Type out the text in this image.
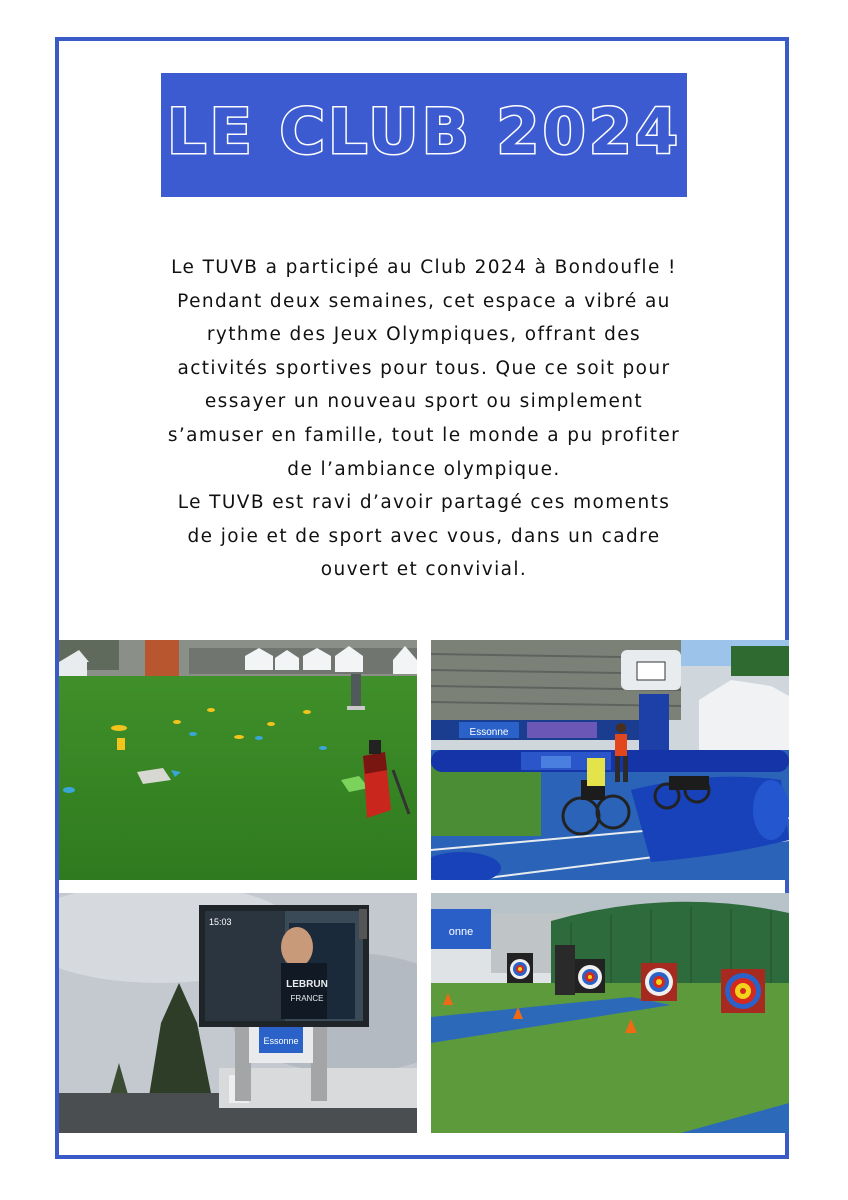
LE CLUB 2024

Le TUVB a participé au Club 2024 à Bondoufle !
Pendant deux semaines, cet espace a vibré au
rythme des Jeux Olympiques, offrant des
activités sportives pour tous. Que ce soit pour
essayer un nouveau sport ou simplement
s’amuser en famille, tout le monde a pu profiter
de l’ambiance olympique.
Le TUVB est ravi d’avoir partagé ces moments
de joie et de sport avec vous, dans un cadre
ouvert et convivial.

Essonne
Essonne
15:03
LEBRUN
FRANCE
onne
